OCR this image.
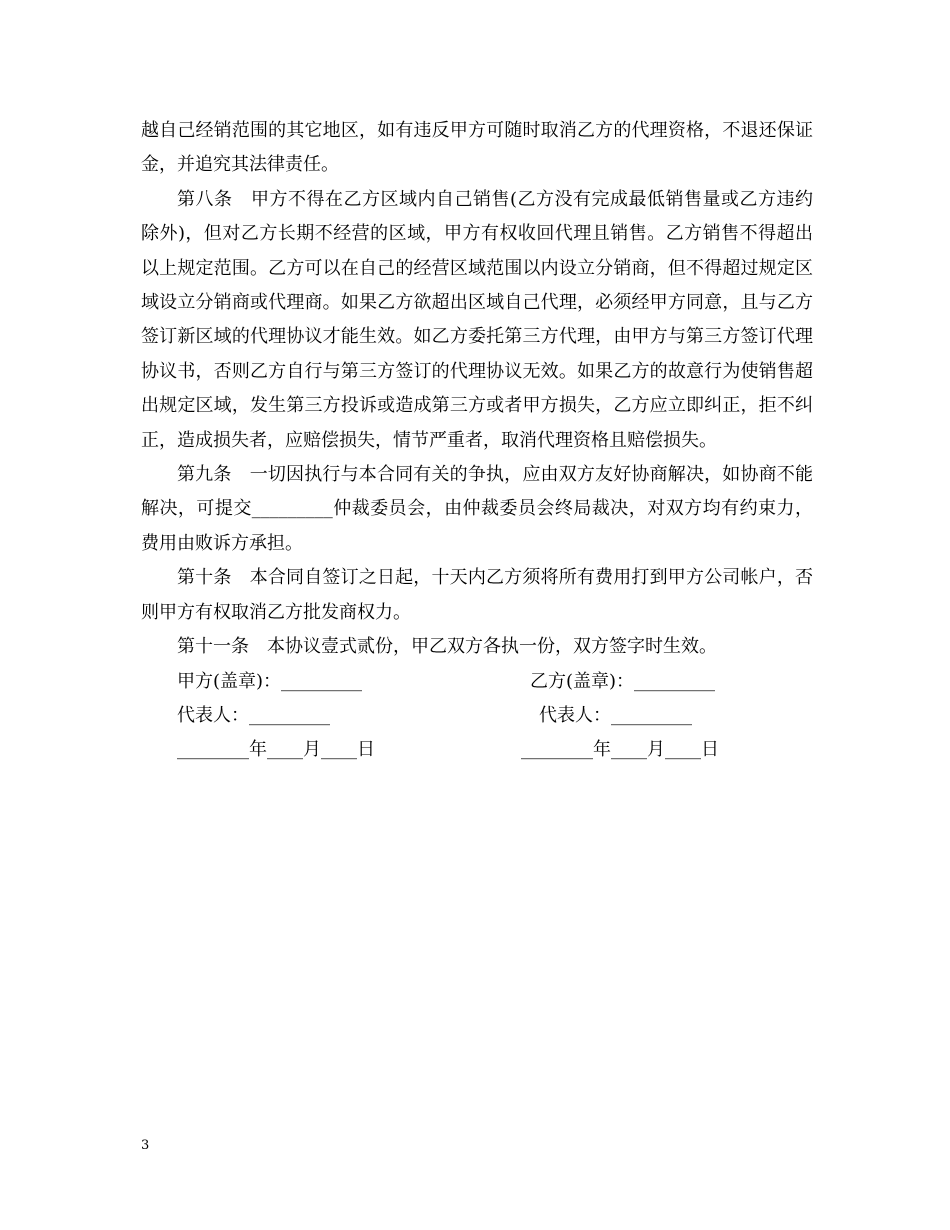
越自己经销范围的其它地区，如有违反甲方可随时取消乙方的代理资格，不退还保证金，并追究其法律责任。

第八条　甲方不得在乙方区域内自己销售(乙方没有完成最低销售量或乙方违约除外)，但对乙方长期不经营的区域，甲方有权收回代理且销售。乙方销售不得超出以上规定范围。乙方可以在自己的经营区域范围以内设立分销商，但不得超过规定区域设立分销商或代理商。如果乙方欲超出区域自己代理，必须经甲方同意，且与乙方签订新区域的代理协议才能生效。如乙方委托第三方代理，由甲方与第三方签订代理协议书，否则乙方自行与第三方签订的代理协议无效。如果乙方的故意行为使销售超出规定区域，发生第三方投诉或造成第三方或者甲方损失，乙方应立即纠正，拒不纠正，造成损失者，应赔偿损失，情节严重者，取消代理资格且赔偿损失。

第九条　一切因执行与本合同有关的争执，应由双方友好协商解决，如协商不能解决，可提交_________仲裁委员会，由仲裁委员会终局裁决，对双方均有约束力，费用由败诉方承担。

第十条　本合同自签订之日起，十天内乙方须将所有费用打到甲方公司帐户，否则甲方有权取消乙方批发商权力。

第十一条　本协议壹式贰份，甲乙双方各执一份，双方签字时生效。

甲方(盖章)：_________	乙方(盖章)：_________
代表人：_________	代表人：_________
________年____月____日	________年____月____日
3
